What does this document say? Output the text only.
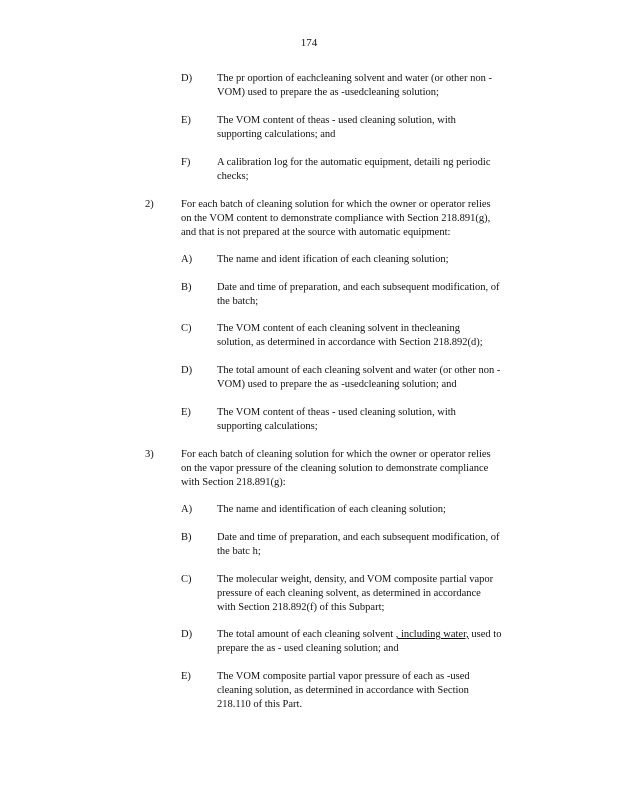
174
D) The pr oportion of eachcleaning solvent and water (or other non -
VOM) used to prepare the as -usedcleaning solution;
E) The VOM content of theas - used cleaning solution, with
supporting calculations; and
F)	A calibration log for the automatic equipment, detaili ng periodic
checks;
2)	For each batch of cleaning solution for which the owner or operator relies
on the VOM content to demonstrate compliance with Section 218.891(g),
and that is not prepared at the source with automatic equipment:
A) The name and ident ification of each cleaning solution;
B) Date and time of preparation, and each subsequent modification, of
the batch;
C) The VOM content of each cleaning solvent in thecleaning
solution, as determined in accordance with Section 218.892(d);
D) The total amount of each cleaning solvent and water (or other non -
VOM) used to prepare the as -usedcleaning solution; and
E) The VOM content of theas - used cleaning solution, with
supporting calculations;
3)	For each batch of cleaning solution for which the owner or operator relies
on the vapor pressure of the cleaning solution to demonstrate compliance
with Section 218.891(g):
A) The name and identification of each cleaning solution;
B) Date and time of preparation, and each subsequent modification, of
the batc h;
C) The molecular weight, density, and VOM composite partial vapor
pressure of each cleaning solvent, as determined in accordance
with Section 218.892(f) of this Subpart;
D) The total amount of each cleaning solvent , including water, used to
prepare the as - used cleaning solution; and
E) The VOM composite partial vapor pressure of each as -used
cleaning solution, as determined in accordance with Section
218.110 of this Part.
